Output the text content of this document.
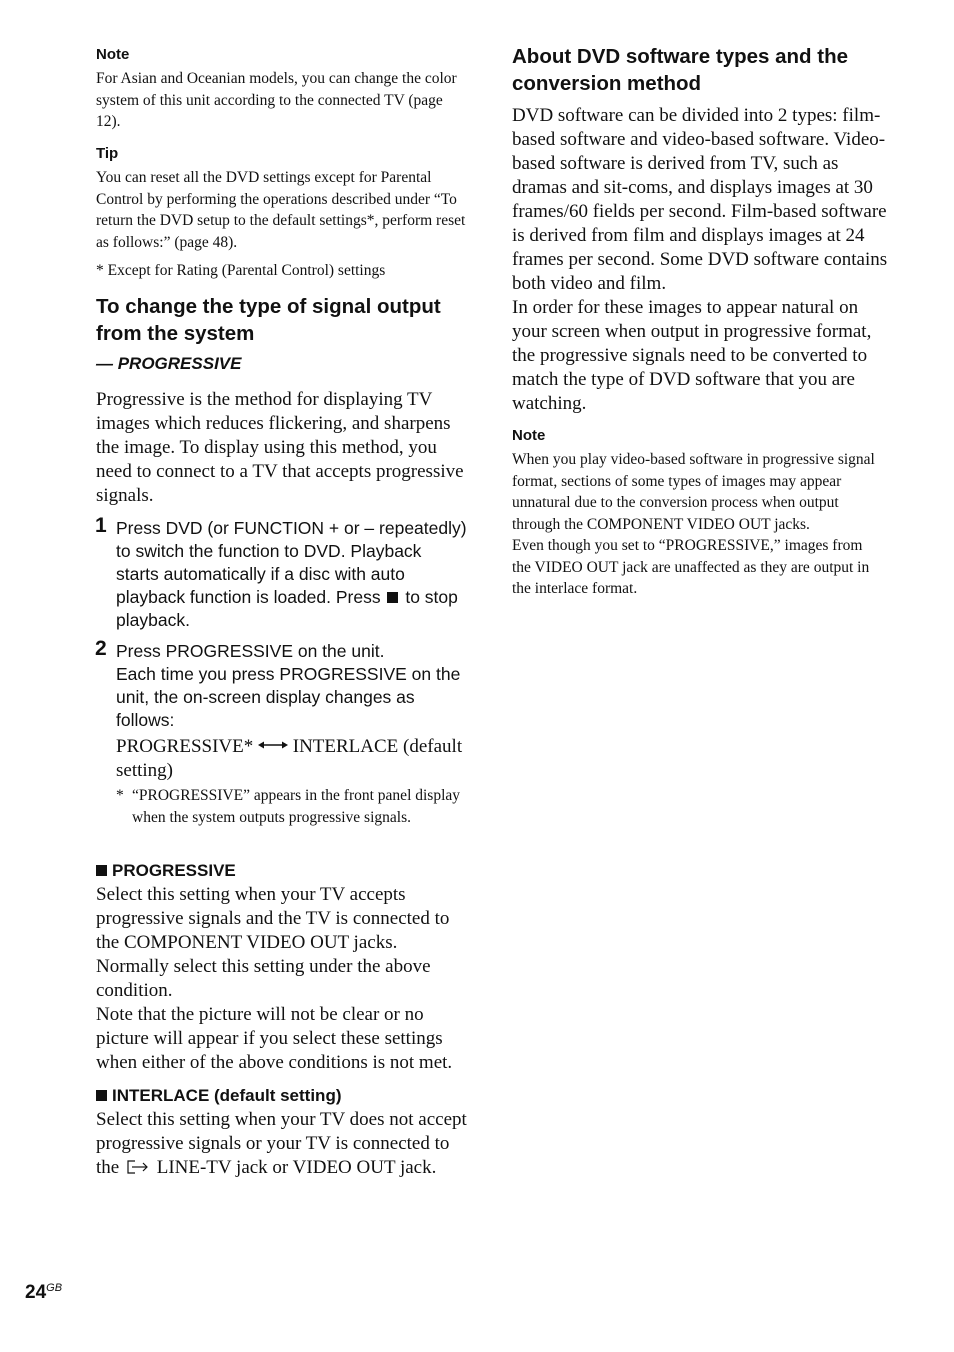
Note
For Asian and Oceanian models, you can change the color system of this unit according to the connected TV (page 12).
Tip
You can reset all the DVD settings except for Parental Control by performing the operations described under “To return the DVD setup to the default settings*, perform reset as follows:” (page 48).
* Except for Rating (Parental Control) settings
To change the type of signal output from the system
— PROGRESSIVE
Progressive is the method for displaying TV images which reduces flickering, and sharpens the image. To display using this method, you need to connect to a TV that accepts progressive signals.
1 Press DVD (or FUNCTION + or – repeatedly) to switch the function to DVD. Playback starts automatically if a disc with auto playback function is loaded. Press to stop playback.
2 Press PROGRESSIVE on the unit.
Each time you press PROGRESSIVE on the unit, the on-screen display changes as follows:
PROGRESSIVE* INTERLACE (default setting)
* “PROGRESSIVE” appears in the front panel display when the system outputs progressive signals.
PROGRESSIVE
Select this setting when your TV accepts progressive signals and the TV is connected to the COMPONENT VIDEO OUT jacks. Normally select this setting under the above condition.
Note that the picture will not be clear or no picture will appear if you select these settings when either of the above conditions is not met.
INTERLACE (default setting)
Select this setting when your TV does not accept progressive signals or your TV is connected to the LINE-TV jack or VIDEO OUT jack.
About DVD software types and the conversion method
DVD software can be divided into 2 types: film-based software and video-based software. Video-based software is derived from TV, such as dramas and sit-coms, and displays images at 30 frames/60 fields per second. Film-based software is derived from film and displays images at 24 frames per second. Some DVD software contains both video and film.
In order for these images to appear natural on your screen when output in progressive format, the progressive signals need to be converted to match the type of DVD software that you are watching.
Note
When you play video-based software in progressive signal format, sections of some types of images may appear unnatural due to the conversion process when output through the COMPONENT VIDEO OUT jacks.
Even though you set to “PROGRESSIVE,” images from the VIDEO OUT jack are unaffected as they are output in the interlace format.
$24^{GB}$
